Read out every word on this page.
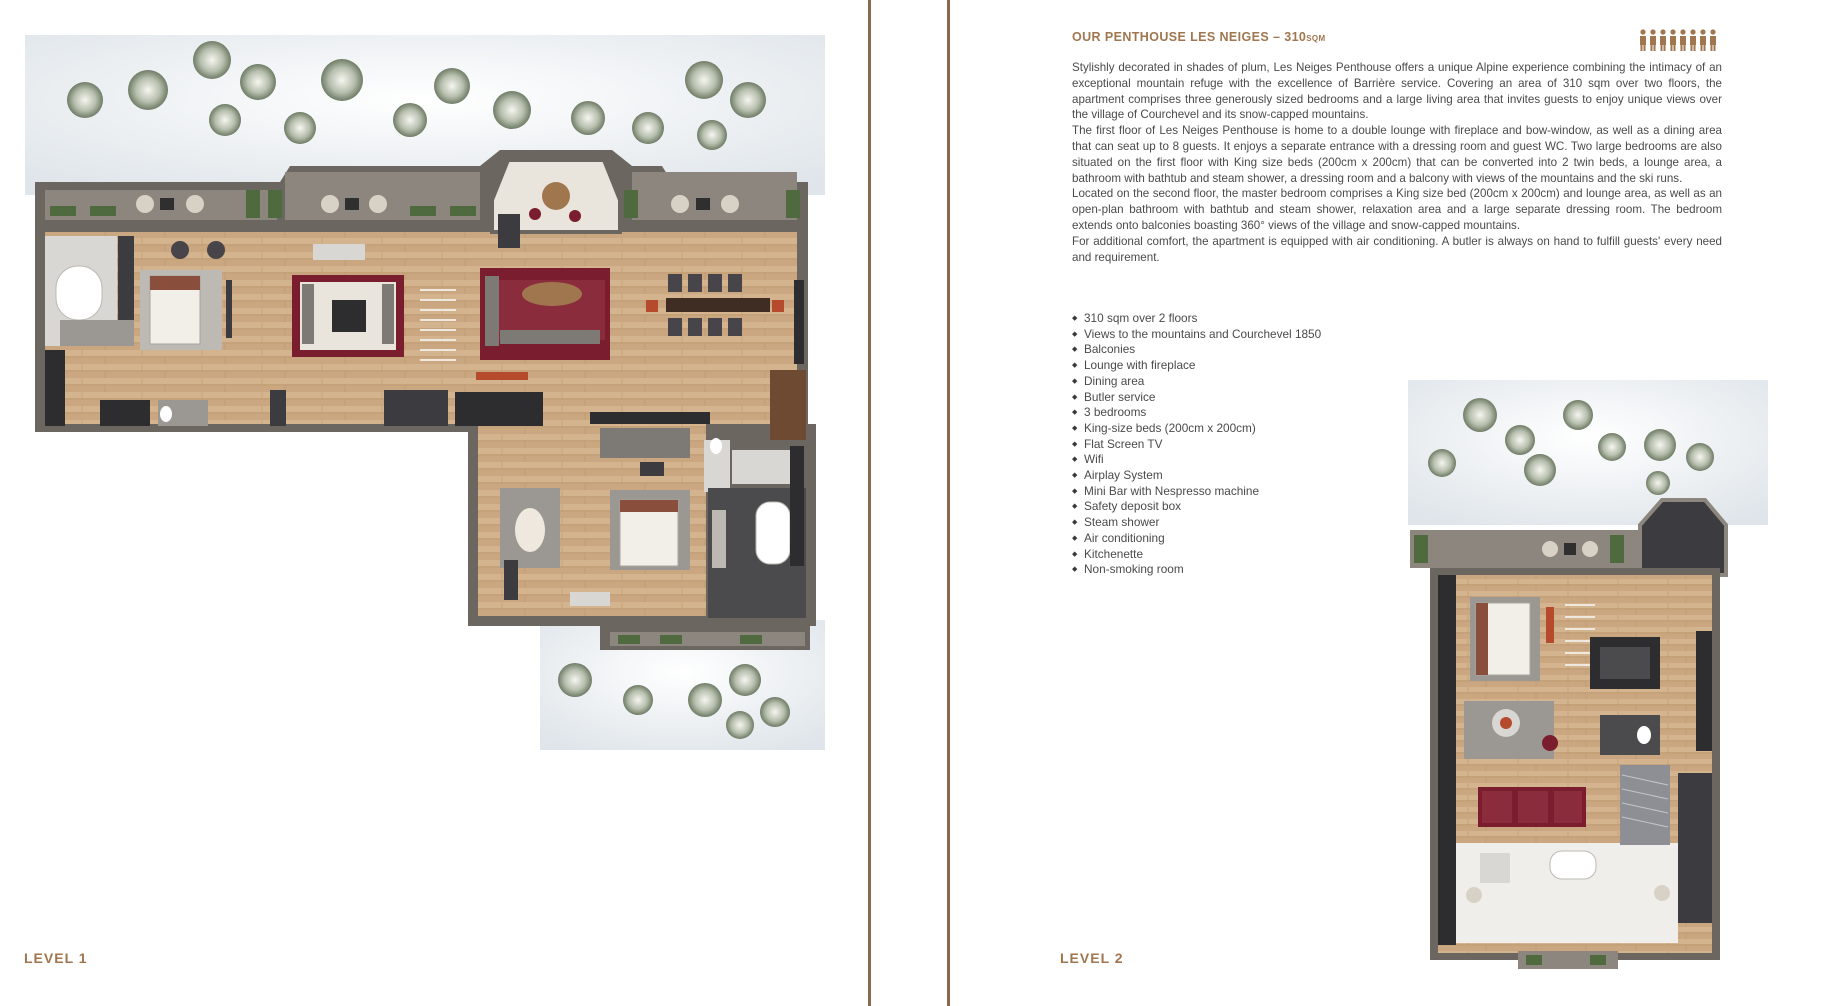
LEVEL 1
OUR PENTHOUSE LES NEIGES – 310SQM

Stylishly decorated in shades of plum, Les Neiges Penthouse offers a unique Alpine experience combining the intimacy of an exceptional mountain refuge with the excellence of Barrière service. Covering an area of 310 sqm over two floors, the apartment comprises three generously sized bedrooms and a large living area that invites guests to enjoy unique views over the village of Courchevel and its snow-capped mountains.

The first floor of Les Neiges Penthouse is home to a double lounge with fireplace and bow-window, as well as a dining area that can seat up to 8 guests. It enjoys a separate entrance with a dressing room and guest WC. Two large bedrooms are also situated on the first floor with King size beds (200cm x 200cm) that can be converted into 2 twin beds, a lounge area, a bathroom with bathtub and steam shower, a dressing room and a balcony with views of the mountains and the ski runs.

Located on the second floor, the master bedroom comprises a King size bed (200cm x 200cm) and lounge area, as well as an open-plan bathroom with bathtub and steam shower, relaxation area and a large separate dressing room. The bedroom extends onto balconies boasting 360° views of the village and snow-capped mountains.

For additional comfort, the apartment is equipped with air conditioning. A butler is always on hand to fulfill guests' every need and requirement.

◆ 310 sqm over 2 floors
◆ Views to the mountains and Courchevel 1850
◆ Balconies
◆ Lounge with fireplace
◆ Dining area
◆ Butler service
◆ 3 bedrooms
◆ King-size beds (200cm x 200cm)
◆ Flat Screen TV
◆ Wifi
◆ Airplay System
◆ Mini Bar with Nespresso machine
◆ Safety deposit box
◆ Steam shower
◆ Air conditioning
◆ Kitchenette
◆ Non-smoking room
LEVEL 2
